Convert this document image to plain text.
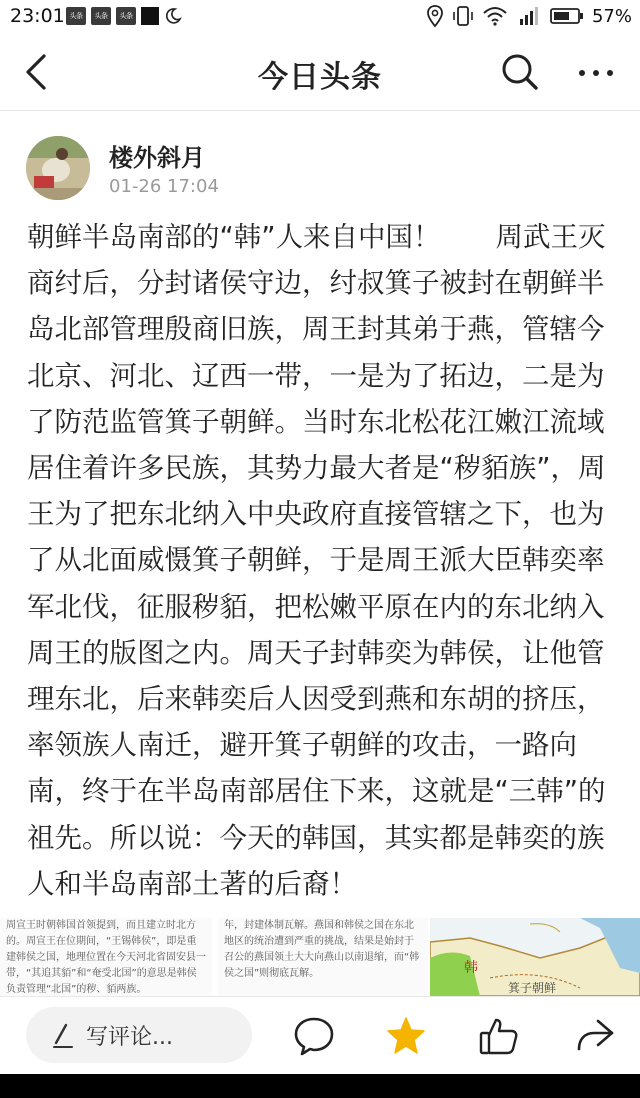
23:01 头条	头条	头条	57%
今日头条
楼外斜月
01-26 17:04

朝鲜半岛南部的“韩”人来自中国！　　周武王灭商纣后，分封诸侯守边，纣叔箕子被封在朝鲜半岛北部管理殷商旧族，周王封其弟于燕，管辖今北京、河北、辽西一带，一是为了拓边，二是为了防范监管箕子朝鲜。当时东北松花江嫩江流域居住着许多民族，其势力最大者是“秽貊族”，周王为了把东北纳入中央政府直接管辖之下，也为了从北面威慑箕子朝鲜，于是周王派大臣韩奕率军北伐，征服秽貊，把松嫩平原在内的东北纳入周王的版图之内。周天子封韩奕为韩侯，让他管理东北，后来韩奕后人因受到燕和东胡的挤压，率领族人南迁，避开箕子朝鲜的攻击，一路向南，终于在半岛南部居住下来，这就是“三韩”的祖先。所以说：今天的韩国，其实都是韩奕的族人和半岛南部土著的后裔！

周宣王时朝韩国首领提到，而且建立时北方的。周宣王在位期间，“王锡韩侯”，即是重建韩侯之国，地理位置在今天河北省固安县一带，“其追其貊”和“奄受北国”的意思是韩侯负责管理“北国”的秽、貊两族。
年，封建体制瓦解。燕国和韩侯之国在东北地区的统治遭到严重的挑战，结果是始封于召公的燕国领土大大向燕山以南退缩，而“韩侯之国”则彻底瓦解。	韩
箕子朝鲜
写评论...
